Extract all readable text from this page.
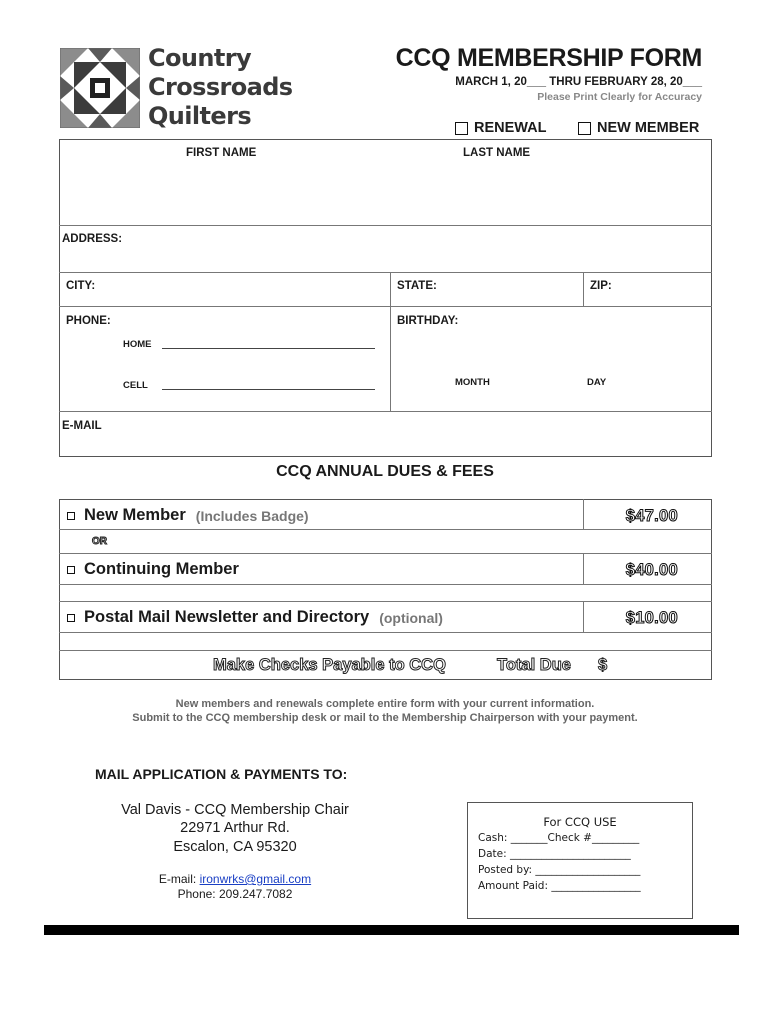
Country
Crossroads
Quilters
CCQ MEMBERSHIP FORM
MARCH 1, 20___ THRU FEBRUARY 28, 20___
Please Print Clearly for Accuracy
RENEWAL	NEW MEMBER
FIRST NAME	LAST NAME
ADDRESS:
CITY:	STATE:	ZIP:
PHONE:
HOME
CELL
BIRTHDAY:
MONTH	DAY
E-MAIL
CCQ ANNUAL DUES & FEES
New Member (Includes Badge)	$47.00
OR
Continuing Member	$40.00
Postal Mail Newsletter and Directory (optional)	$10.00
Make Checks Payable to CCQ	Total Due $
New members and renewals complete entire form with your current information.
Submit to the CCQ membership desk or mail to the Membership Chairperson with your payment.
MAIL APPLICATION & PAYMENTS TO:
Val Davis - CCQ Membership Chair
22971 Arthur Rd.
Escalon, CA 95320
E-mail: ironwrks@gmail.com
Phone: 209.247.7082
For CCQ USE
Cash: _______Check #_________
Date: _______________________
Posted by: ____________________
Amount Paid: _________________
